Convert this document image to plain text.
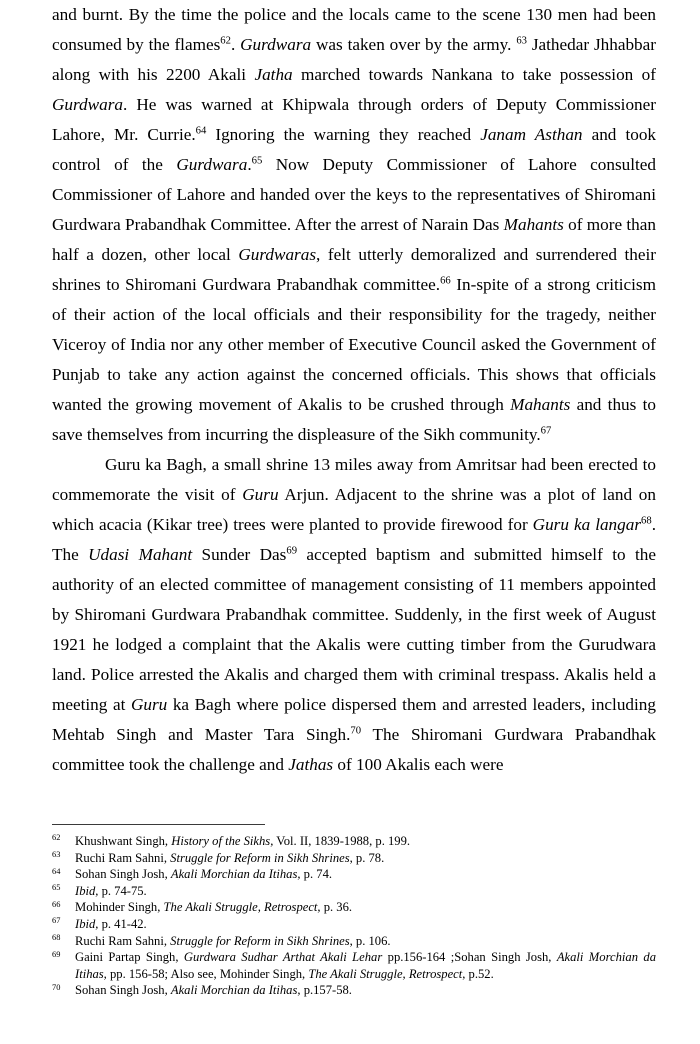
and burnt. By the time the police and the locals came to the scene 130 men had been consumed by the flames$^{62}$. Gurdwara was taken over by the army. $^{63}$ Jathedar Jhhabbar along with his 2200 Akali Jatha marched towards Nankana to take possession of Gurdwara. He was warned at Khipwala through orders of Deputy Commissioner Lahore, Mr. Currie.$^{64}$ Ignoring the warning they reached Janam Asthan and took control of the Gurdwara.$^{65}$ Now Deputy Commissioner of Lahore consulted Commissioner of Lahore and handed over the keys to the representatives of Shiromani Gurdwara Prabandhak Committee. After the arrest of Narain Das Mahants of more than half a dozen, other local Gurdwaras, felt utterly demoralized and surrendered their shrines to Shiromani Gurdwara Prabandhak committee.$^{66}$ In-spite of a strong criticism of their action of the local officials and their responsibility for the tragedy, neither Viceroy of India nor any other member of Executive Council asked the Government of Punjab to take any action against the concerned officials. This shows that officials wanted the growing movement of Akalis to be crushed through Mahants and thus to save themselves from incurring the displeasure of the Sikh community.$^{67}$

Guru ka Bagh, a small shrine 13 miles away from Amritsar had been erected to commemorate the visit of Guru Arjun. Adjacent to the shrine was a plot of land on which acacia (Kikar tree) trees were planted to provide firewood for Guru ka langar$^{68}$. The Udasi Mahant Sunder Das$^{69}$ accepted baptism and submitted himself to the authority of an elected committee of management consisting of 11 members appointed by Shiromani Gurdwara Prabandhak committee. Suddenly, in the first week of August 1921 he lodged a complaint that the Akalis were cutting timber from the Gurudwara land. Police arrested the Akalis and charged them with criminal trespass. Akalis held a meeting at Guru ka Bagh where police dispersed them and arrested leaders, including Mehtab Singh and Master Tara Singh.$^{70}$ The Shiromani Gurdwara Prabandhak committee took the challenge and Jathas of 100 Akalis each were

62	Khushwant Singh, History of the Sikhs, Vol. II, 1839-1988, p. 199.
63	Ruchi Ram Sahni, Struggle for Reform in Sikh Shrines, p. 78.
64	Sohan Singh Josh, Akali Morchian da Itihas, p. 74.
65	Ibid, p. 74-75.
66	Mohinder Singh, The Akali Struggle, Retrospect, p. 36.
67	Ibid, p. 41-42.
68	Ruchi Ram Sahni, Struggle for Reform in Sikh Shrines, p. 106.
69	Gaini Partap Singh, Gurdwara Sudhar Arthat Akali Lehar pp.156-164 ;Sohan Singh Josh, Akali Morchian da Itihas, pp. 156-58; Also see, Mohinder Singh, The Akali Struggle, Retrospect, p.52.
70	Sohan Singh Josh, Akali Morchian da Itihas, p.157-58.
